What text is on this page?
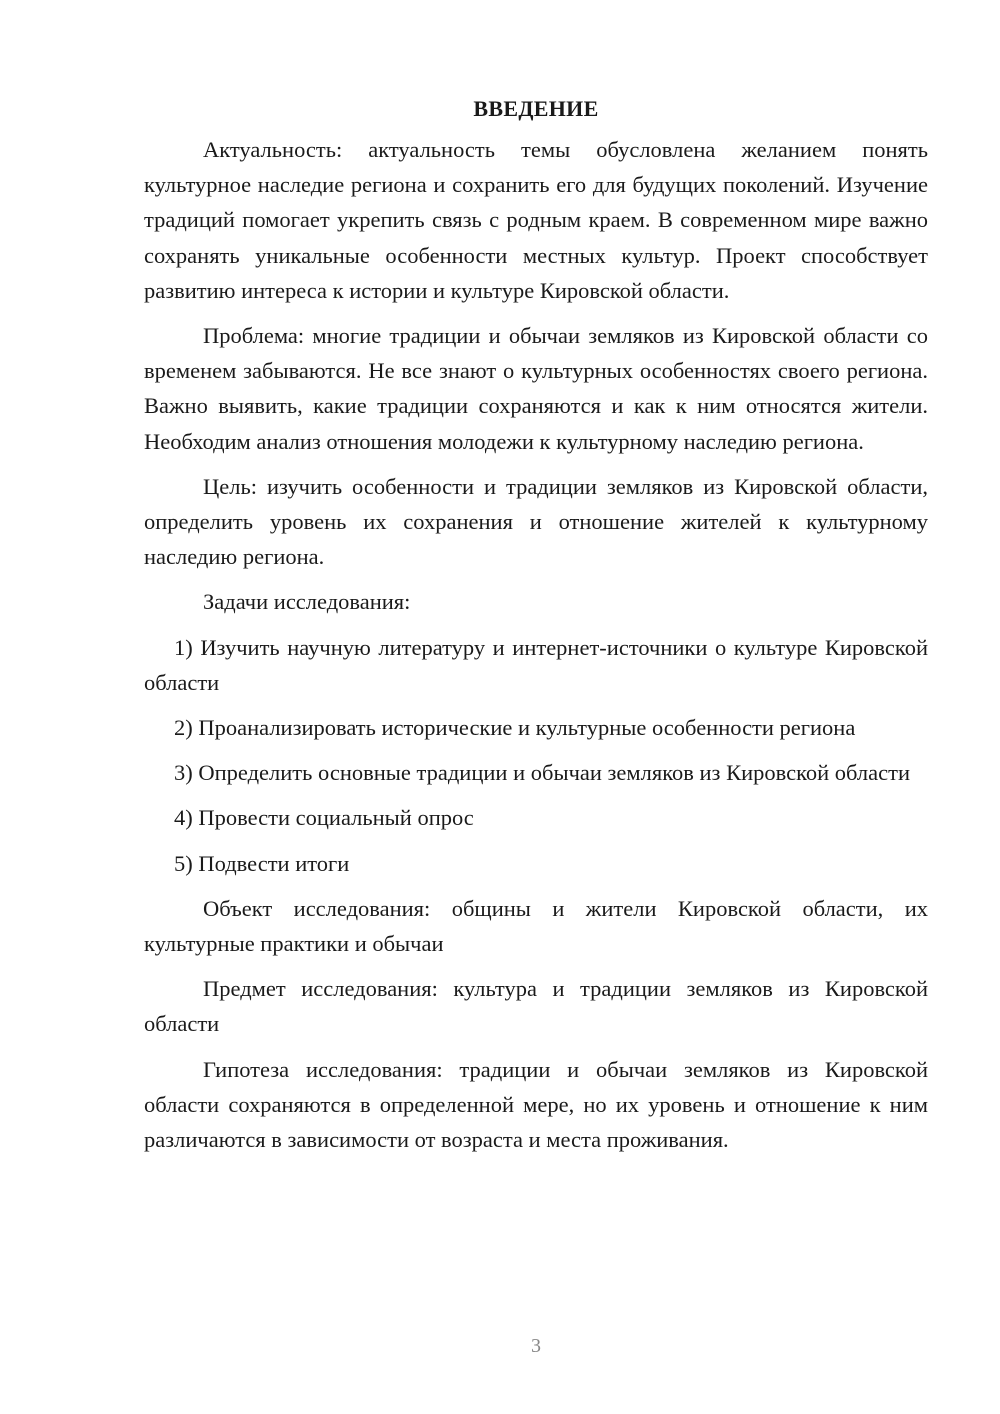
ВВЕДЕНИЕ

Актуальность: актуальность темы обусловлена желанием понять культурное наследие региона и сохранить его для будущих поколений. Изучение традиций помогает укрепить связь с родным краем. В современном мире важно сохранять уникальные особенности местных культур. Проект способствует развитию интереса к истории и культуре Кировской области.

Проблема: многие традиции и обычаи земляков из Кировской области со временем забываются. Не все знают о культурных особенностях своего региона. Важно выявить, какие традиции сохраняются и как к ним относятся жители. Необходим анализ отношения молодежи к культурному наследию региона.

Цель: изучить особенности и традиции земляков из Кировской области, определить уровень их сохранения и отношение жителей к культурному наследию региона.

Задачи исследования:

1) Изучить научную литературу и интернет-источники о культуре Кировской области

2) Проанализировать исторические и культурные особенности региона

3) Определить основные традиции и обычаи земляков из Кировской области

4) Провести социальный опрос

5) Подвести итоги

Объект исследования: общины и жители Кировской области, их культурные практики и обычаи

Предмет исследования: культура и традиции земляков из Кировской области

Гипотеза исследования: традиции и обычаи земляков из Кировской области сохраняются в определенной мере, но их уровень и отношение к ним различаются в зависимости от возраста и места проживания.

3
